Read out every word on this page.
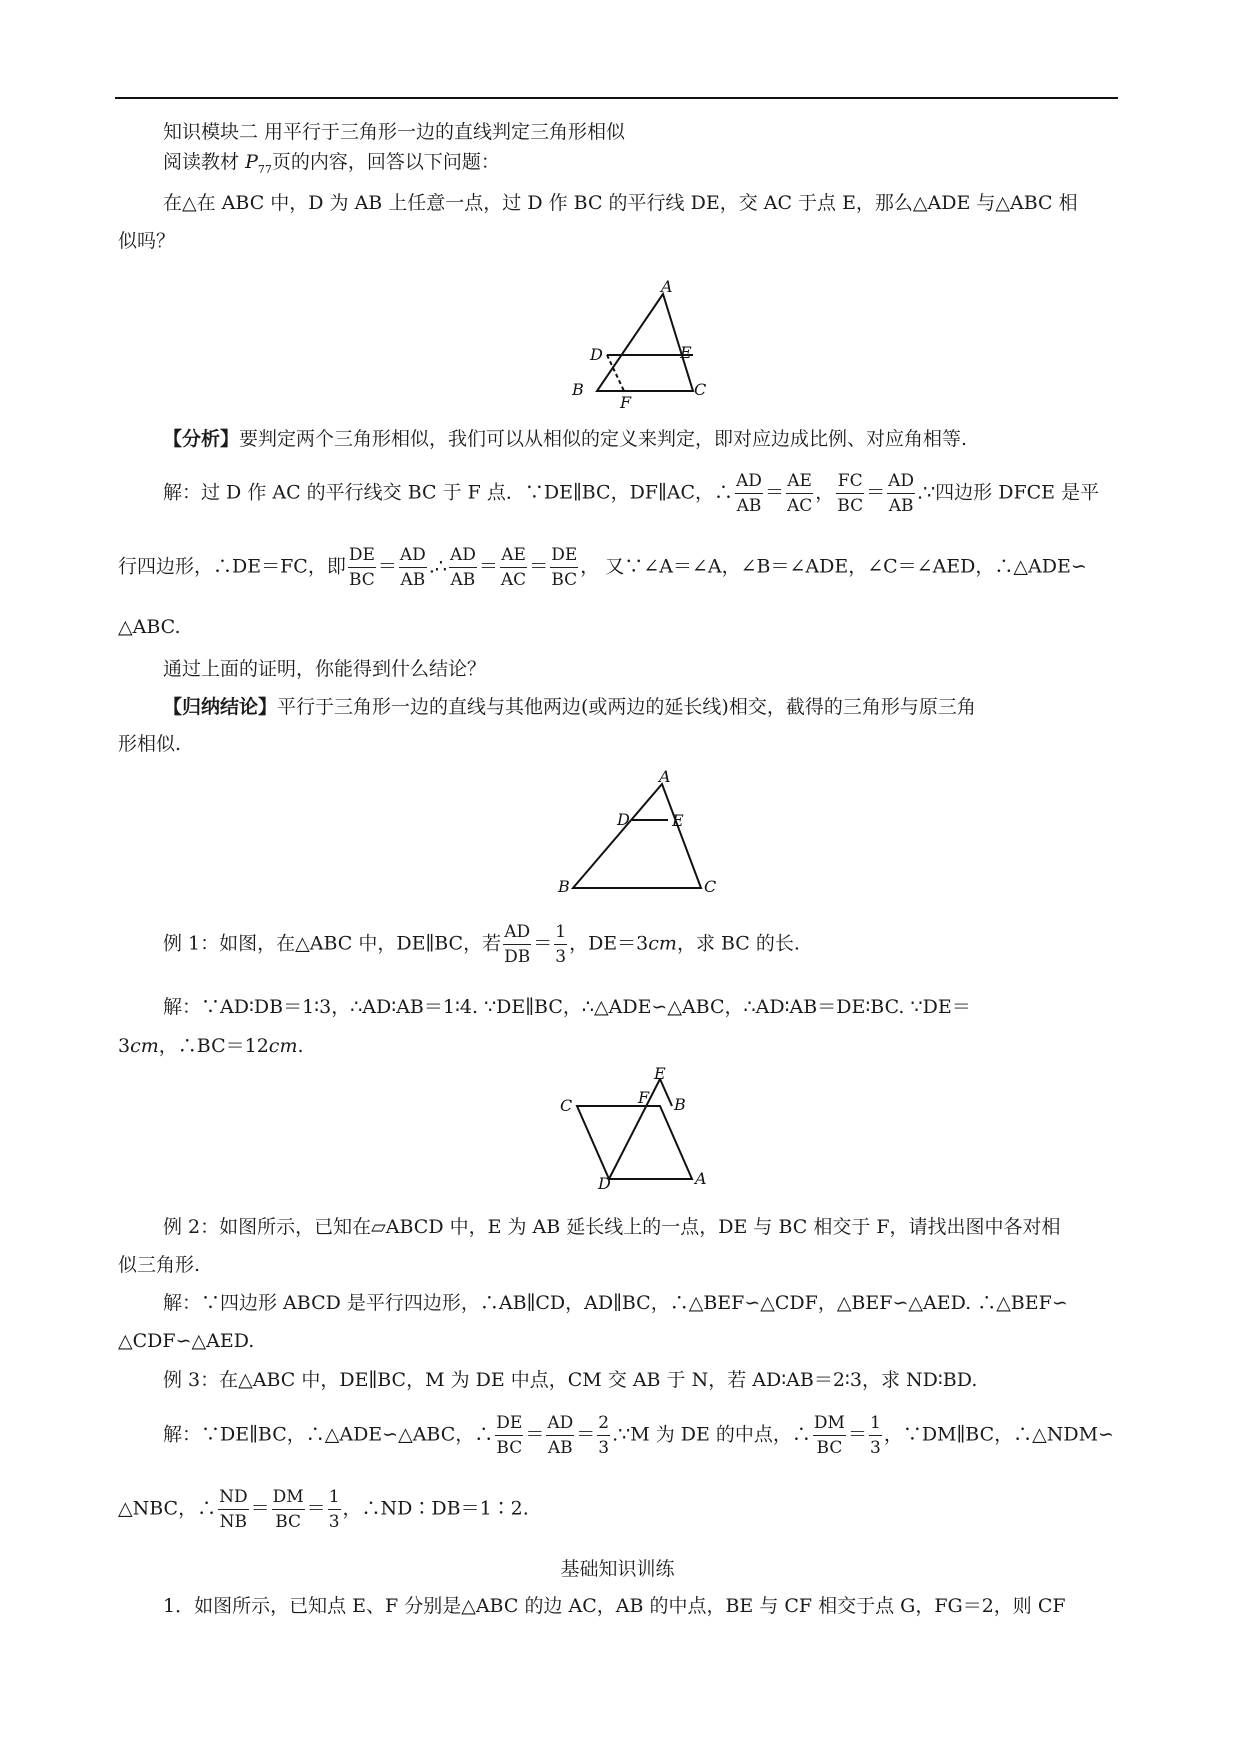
知识模块二 用平行于三角形一边的直线判定三角形相似
阅读教材 $P_{77}$页的内容，回答以下问题：
在△在 ABC 中，D 为 AB 上任意一点，过 D 作 BC 的平行线 DE，交 AC 于点 E，那么△ADE 与△ABC 相
似吗？
A
D	E
B
F
C
【分析】要判定两个三角形相似，我们可以从相似的定义来判定，即对应边成比例、对应角相等.
解：过 D 作 AC 的平行线交 BC 于 F 点．∵DE∥BC，DF∥AC，∴ $\frac{AD}{AB} = \frac{AE}{AC}$ ， $\frac{FC}{BC} = \frac{AD}{AB}$ .∵四边形 DFCE 是平
行四边形，∴DE＝FC，即 $\frac{DE}{BC} = \frac{AD}{AB}$ .∴ $\frac{AD}{AB} = \frac{AE}{AC} = \frac{DE}{BC}$ ， 又∵∠A＝∠A，∠B＝∠ADE，∠C＝∠AED，∴△ADE∽
△ABC.
通过上面的证明，你能得到什么结论？
【归纳结论】平行于三角形一边的直线与其他两边(或两边的延长线)相交，截得的三角形与原三角
形相似.
A
D	E
B	C
例 1：如图，在△ABC 中，DE∥BC，若 $\frac{AD}{DB} = \frac{1}{3}$ ，DE＝3cm，求 BC 的长.
解：∵AD∶DB＝1∶3，∴AD∶AB＝1∶4. ∵DE∥BC，∴△ADE∽△ABC，∴AD∶AB＝DE∶BC. ∵DE＝
3cm，∴BC＝12cm.
E
C	F B
D	A
例 2：如图所示，已知在▱ABCD 中，E 为 AB 延长线上的一点，DE 与 BC 相交于 F，请找出图中各对相
似三角形.
解：∵四边形 ABCD 是平行四边形，∴AB∥CD，AD∥BC，∴△BEF∽△CDF，△BEF∽△AED. ∴△BEF∽
△CDF∽△AED.
例 3：在△ABC 中，DE∥BC，M 为 DE 中点，CM 交 AB 于 N，若 AD∶AB＝2∶3，求 ND∶BD.
解：∵DE∥BC，∴△ADE∽△ABC，∴ $\frac{DE}{BC} = \frac{AD}{AB} = \frac{2}{3}$ .∵M 为 DE 的中点，∴ $\frac{DM}{BC} = \frac{1}{3}$ ，∵DM∥BC，∴△NDM∽
△NBC，∴ $\frac{ND}{NB} = \frac{DM}{BC} = \frac{1}{3}$ ，∴ND∶DB＝1∶2.
基础知识训练
1．如图所示，已知点 E、F 分别是△ABC 的边 AC，AB 的中点，BE 与 CF 相交于点 G，FG＝2，则 CF
